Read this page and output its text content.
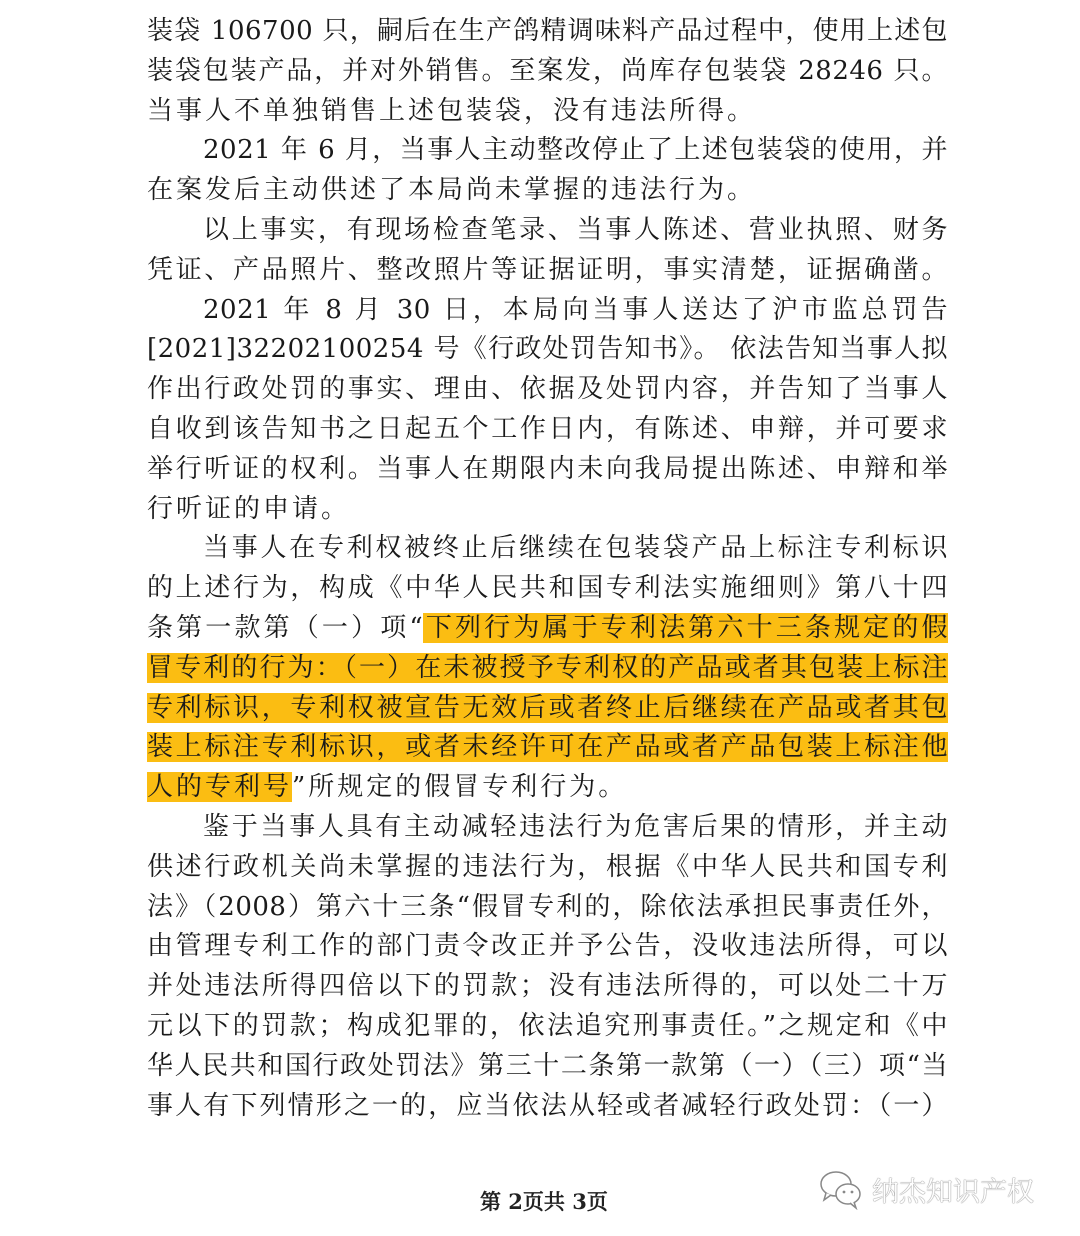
装袋 106700 只，嗣后在生产鸽精调味料产品过程中，使用上述包
装袋包装产品，并对外销售。至案发，尚库存包装袋 28246 只。
当事人不单独销售上述包装袋，没有违法所得。
2021 年 6 月，当事人主动整改停止了上述包装袋的使用，并
在案发后主动供述了本局尚未掌握的违法行为。
以上事实，有现场检查笔录、当事人陈述、营业执照、财务
凭证、产品照片、整改照片等证据证明，事实清楚，证据确凿。
2021 年 8 月 30 日，本局向当事人送达了沪市监总罚告
[2021]32202100254 号《行政处罚告知书》。 依法告知当事人拟
作出行政处罚的事实、理由、依据及处罚内容，并告知了当事人
自收到该告知书之日起五个工作日内，有陈述、申辩，并可要求
举行听证的权利。当事人在期限内未向我局提出陈述、申辩和举
行听证的申请。
当事人在专利权被终止后继续在包装袋产品上标注专利标识
的上述行为，构成《中华人民共和国专利法实施细则》第八十四
条第一款第（一）项“下列行为属于专利法第六十三条规定的假
冒专利的行为：（一）在未被授予专利权的产品或者其包装上标注
专利标识，专利权被宣告无效后或者终止后继续在产品或者其包
装上标注专利标识，或者未经许可在产品或者产品包装上标注他
人的专利号”所规定的假冒专利行为。
鉴于当事人具有主动减轻违法行为危害后果的情形，并主动
供述行政机关尚未掌握的违法行为，根据《中华人民共和国专利
法》（2008）第六十三条“假冒专利的，除依法承担民事责任外，
由管理专利工作的部门责令改正并予公告，没收违法所得，可以
并处违法所得四倍以下的罚款；没有违法所得的，可以处二十万
元以下的罚款；构成犯罪的，依法追究刑事责任。”之规定和《中
华人民共和国行政处罚法》第三十二条第一款第（一）（三）项“当
事人有下列情形之一的，应当依法从轻或者减轻行政处罚：（一）
第 2页共 3页	纳杰知识产权
